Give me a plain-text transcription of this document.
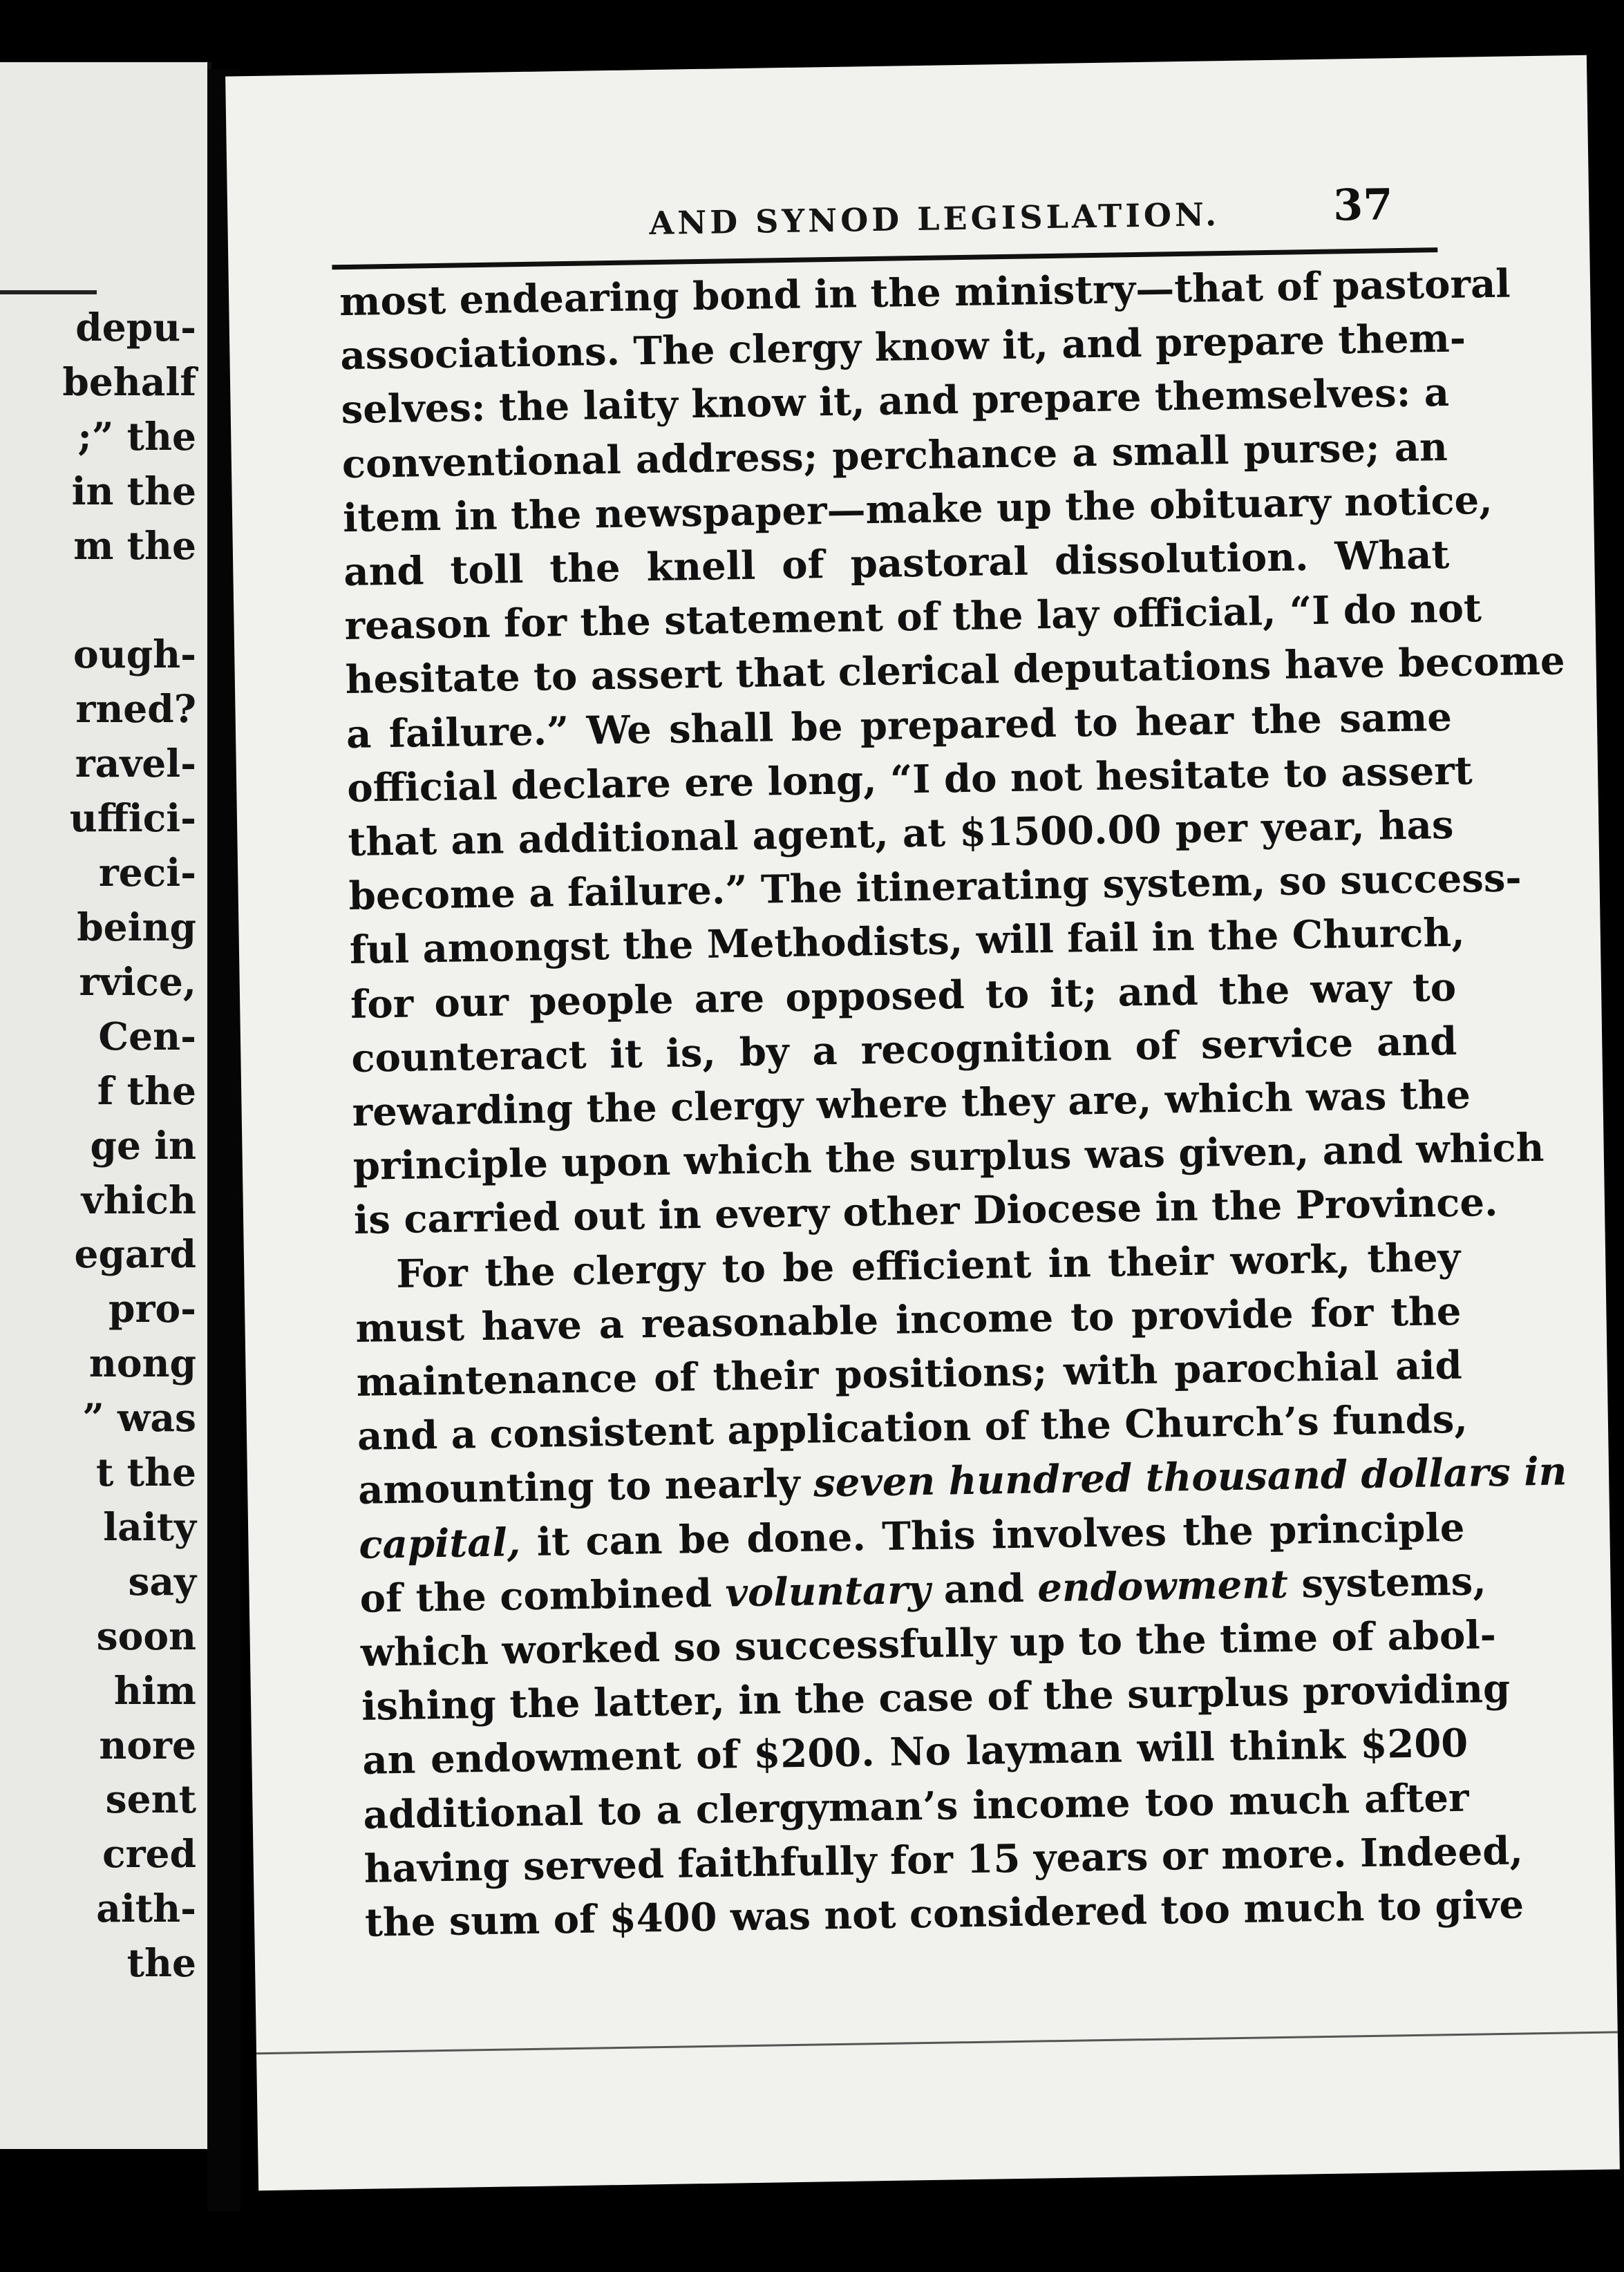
depu-
behalf
;” the
in the
m the

ough-
rned?
ravel-
uffici-
reci-
being
rvice,
Cen-
f the
ge in
vhich
egard
pro-
nong
” was
t the
laity
say
soon
him
nore
sent
cred
aith-
the
AND SYNOD LEGISLATION.	37
most endearing bond in the ministry—that of pastoral
associations. The clergy know it, and prepare them-
selves: the laity know it, and prepare themselves: a
conventional address; perchance a small purse; an
item in the newspaper—make up the obituary notice,
and toll the knell of pastoral dissolution. What
reason for the statement of the lay official, “I do not
hesitate to assert that clerical deputations have become
a failure.” We shall be prepared to hear the same
official declare ere long, “I do not hesitate to assert
that an additional agent, at $1500.00 per year, has
become a failure.” The itinerating system, so success-
ful amongst the Methodists, will fail in the Church,
for our people are opposed to it; and the way to
counteract it is, by a recognition of service and
rewarding the clergy where they are, which was the
principle upon which the surplus was given, and which
is carried out in every other Diocese in the Province.
For the clergy to be efficient in their work, they
must have a reasonable income to provide for the
maintenance of their positions; with parochial aid
and a consistent application of the Church’s funds,
amounting to nearly seven hundred thousand dollars in
capital, it can be done. This involves the principle
of the combined voluntary and endowment systems,
which worked so successfully up to the time of abol-
ishing the latter, in the case of the surplus providing
an endowment of $200. No layman will think $200
additional to a clergyman’s income too much after
having served faithfully for 15 years or more. Indeed,
the sum of $400 was not considered too much to give
